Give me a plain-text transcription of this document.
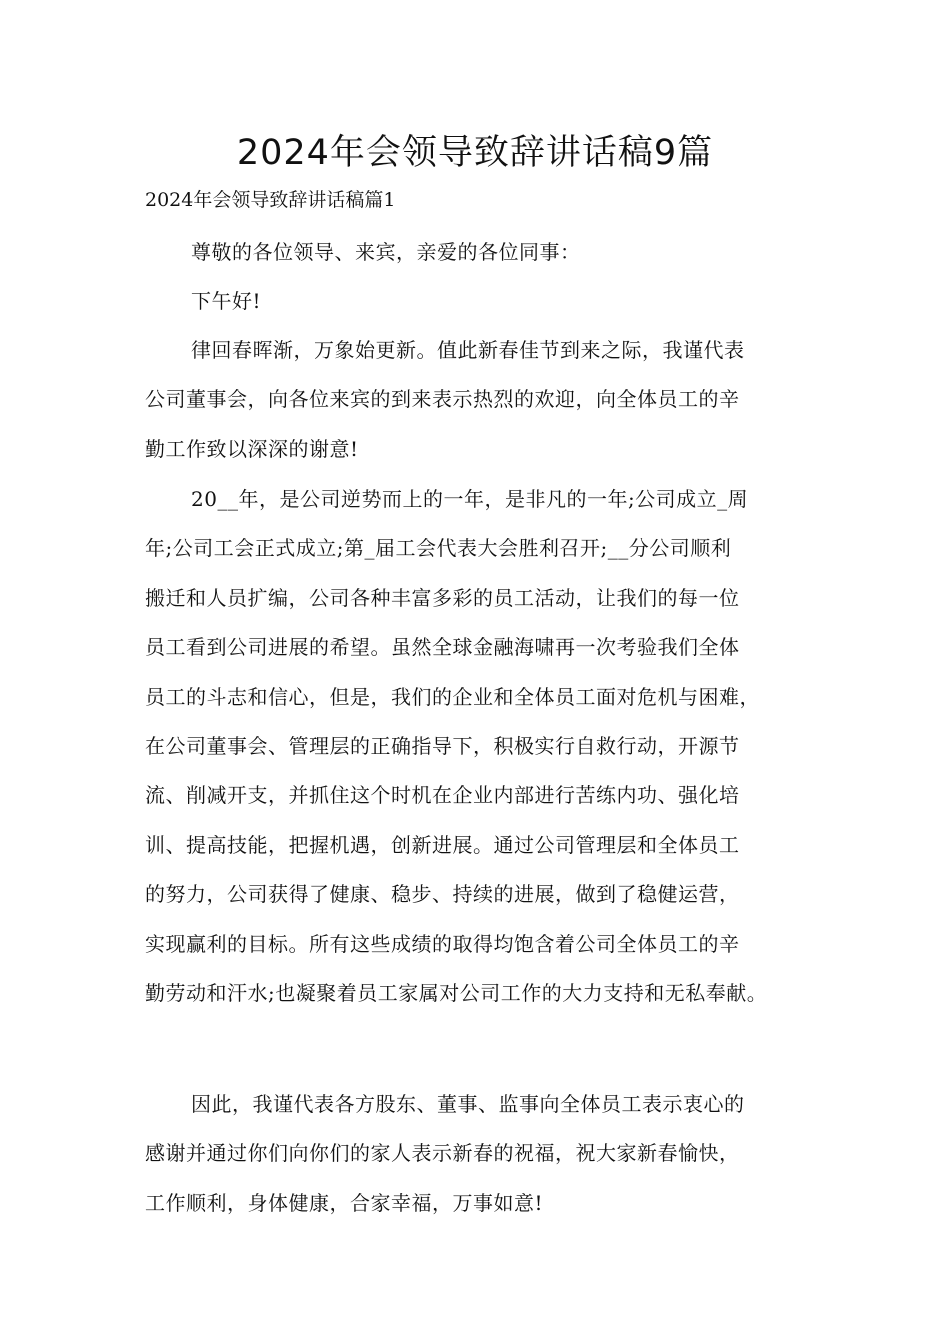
2024年会领导致辞讲话稿9篇

2024年会领导致辞讲话稿篇1

尊敬的各位领导、来宾，亲爱的各位同事：
下午好!

律回春晖渐，万象始更新。值此新春佳节到来之际，我谨代表
公司董事会，向各位来宾的到来表示热烈的欢迎，向全体员工的辛
勤工作致以深深的谢意!

20__年，是公司逆势而上的一年，是非凡的一年;公司成立_周
年;公司工会正式成立;第_届工会代表大会胜利召开;__分公司顺利
搬迁和人员扩编，公司各种丰富多彩的员工活动，让我们的每一位
员工看到公司进展的希望。虽然全球金融海啸再一次考验我们全体
员工的斗志和信心，但是，我们的企业和全体员工面对危机与困难，
在公司董事会、管理层的正确指导下，积极实行自救行动，开源节
流、削减开支，并抓住这个时机在企业内部进行苦练内功、强化培
训、提高技能，把握机遇，创新进展。通过公司管理层和全体员工
的努力，公司获得了健康、稳步、持续的进展，做到了稳健运营，
实现赢利的目标。所有这些成绩的取得均饱含着公司全体员工的辛
勤劳动和汗水;也凝聚着员工家属对公司工作的大力支持和无私奉献。

因此，我谨代表各方股东、董事、监事向全体员工表示衷心的
感谢并通过你们向你们的家人表示新春的祝福，祝大家新春愉快，
工作顺利，身体健康，合家幸福，万事如意!
